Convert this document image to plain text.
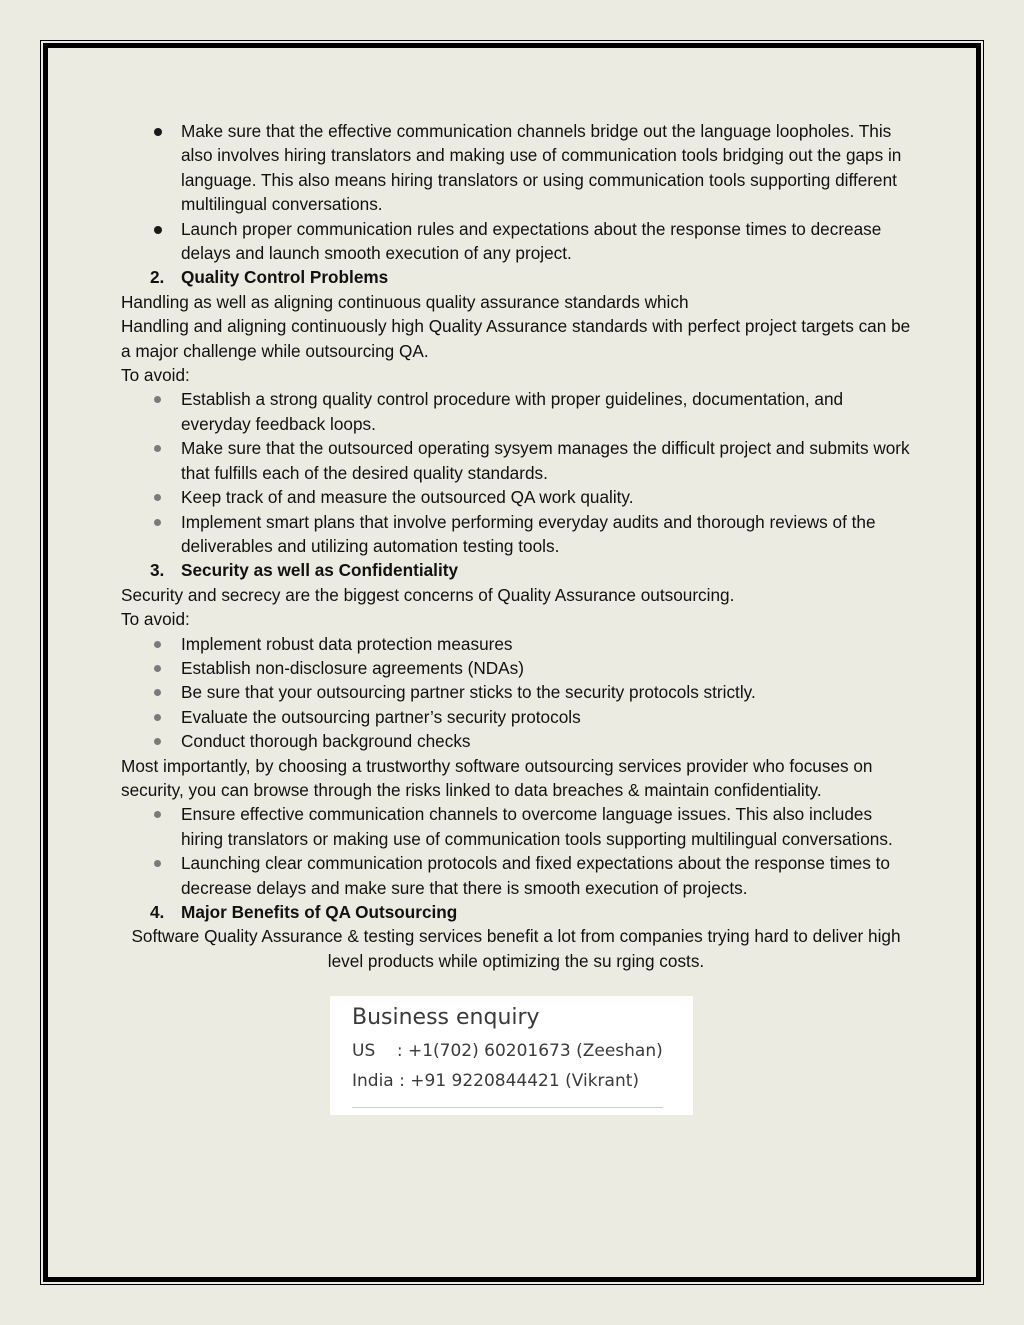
Make sure that the effective communication channels bridge out the language loopholes. This also involves hiring translators and making use of communication tools bridging out the gaps in language. This also means hiring translators or using communication tools supporting different multilingual conversations.
Launch proper communication rules and expectations about the response times to decrease delays and launch smooth execution of any project.
2. Quality Control Problems

Handling as well as aligning continuous quality assurance standards which

Handling and aligning continuously high Quality Assurance standards with perfect project targets can be a major challenge while outsourcing QA.

To avoid:

Establish a strong quality control procedure with proper guidelines, documentation, and everyday feedback loops.
Make sure that the outsourced operating sysyem manages the difficult project and submits work that fulfills each of the desired quality standards.
Keep track of and measure the outsourced QA work quality.
Implement smart plans that involve performing everyday audits and thorough reviews of the deliverables and utilizing automation testing tools.
3. Security as well as Confidentiality

Security and secrecy are the biggest concerns of Quality Assurance outsourcing.

To avoid:

Implement robust data protection measures
Establish non-disclosure agreements (NDAs)
Be sure that your outsourcing partner sticks to the security protocols strictly.
Evaluate the outsourcing partner’s security protocols
Conduct thorough background checks

Most importantly, by choosing a trustworthy software outsourcing services provider who focuses on security, you can browse through the risks linked to data breaches & maintain confidentiality.

Ensure effective communication channels to overcome language issues. This also includes hiring translators or making use of communication tools supporting multilingual conversations.
Launching clear communication protocols and fixed expectations about the response times to decrease delays and make sure that there is smooth execution of projects.
4. Major Benefits of QA Outsourcing

Software Quality Assurance & testing services benefit a lot from companies trying hard to deliver high level products while optimizing the su rging costs.

Business enquiry
US    : +1(702) 60201673 (Zeeshan)
India : +91 9220844421 (Vikrant)
